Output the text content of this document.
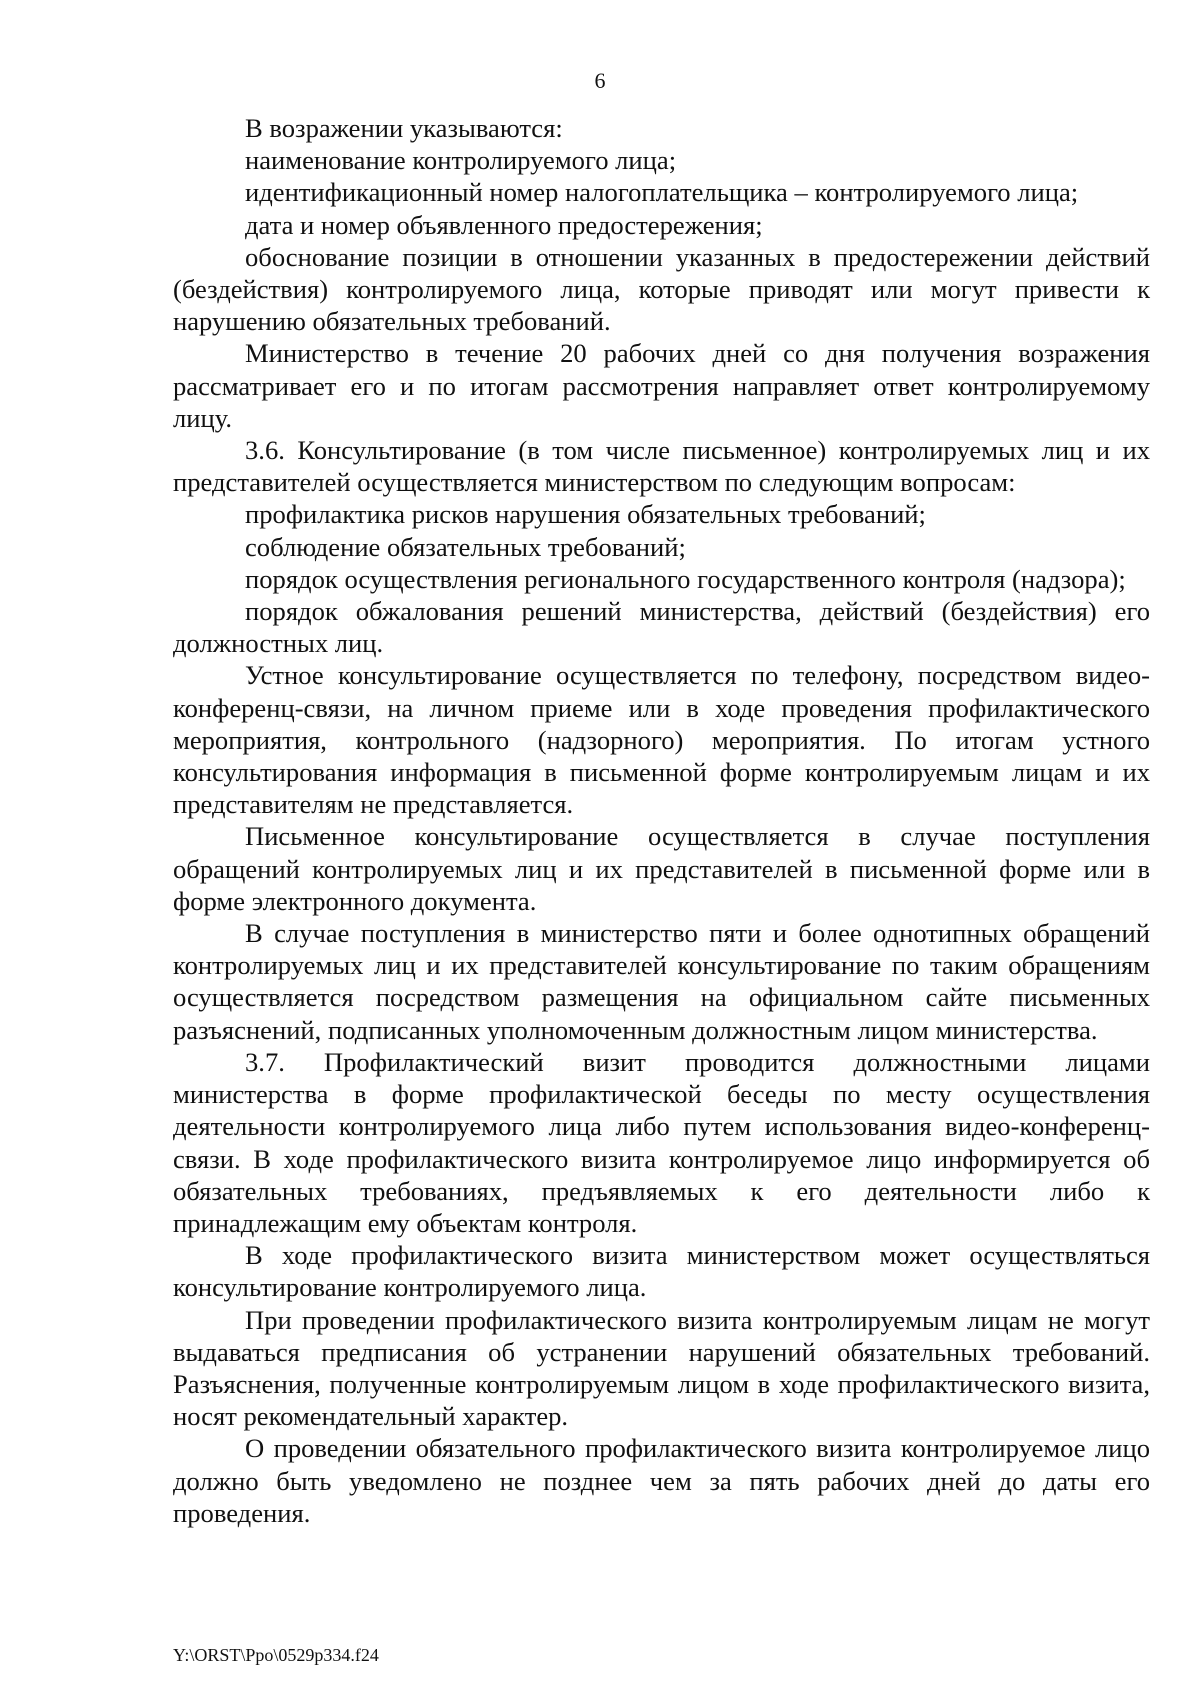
6

В возражении указываются:

наименование контролируемого лица;

идентификационный номер налогоплательщика – контролируемого лица;

дата и номер объявленного предостережения;

обоснование позиции в отношении указанных в предостережении действий (бездействия) контролируемого лица, которые приводят или могут привести к нарушению обязательных требований.

Министерство в течение 20 рабочих дней со дня получения возражения рассматривает его и по итогам рассмотрения направляет ответ контролируемому лицу.

3.6. Консультирование (в том числе письменное) контролируемых лиц и их представителей осуществляется министерством по следующим вопросам:

профилактика рисков нарушения обязательных требований;

соблюдение обязательных требований;

порядок осуществления регионального государственного контроля (надзора);

порядок обжалования решений министерства, действий (бездействия) его должностных лиц.

Устное консультирование осуществляется по телефону, посредством видео-конференц-связи, на личном приеме или в ходе проведения профилактического мероприятия, контрольного (надзорного) мероприятия. По итогам устного консультирования информация в письменной форме контролируемым лицам и их представителям не представляется.

Письменное консультирование осуществляется в случае поступления обращений контролируемых лиц и их представителей в письменной форме или в форме электронного документа.

В случае поступления в министерство пяти и более однотипных обращений контролируемых лиц и их представителей консультирование по таким обращениям осуществляется посредством размещения на официальном сайте письменных разъяснений, подписанных уполномоченным должностным лицом министерства.

3.7. Профилактический визит проводится должностными лицами министерства в форме профилактической беседы по месту осуществления деятельности контролируемого лица либо путем использования видео-конференц-связи. В ходе профилактического визита контролируемое лицо информируется об обязательных требованиях, предъявляемых к его деятельности либо к принадлежащим ему объектам контроля.

В ходе профилактического визита министерством может осуществляться консультирование контролируемого лица.

При проведении профилактического визита контролируемым лицам не могут выдаваться предписания об устранении нарушений обязательных требований. Разъяснения, полученные контролируемым лицом в ходе профилактического визита, носят рекомендательный характер.

О проведении обязательного профилактического визита контролируемое лицо должно быть уведомлено не позднее чем за пять рабочих дней до даты его проведения.

Y:\ORST\Ppo\0529p334.f24
